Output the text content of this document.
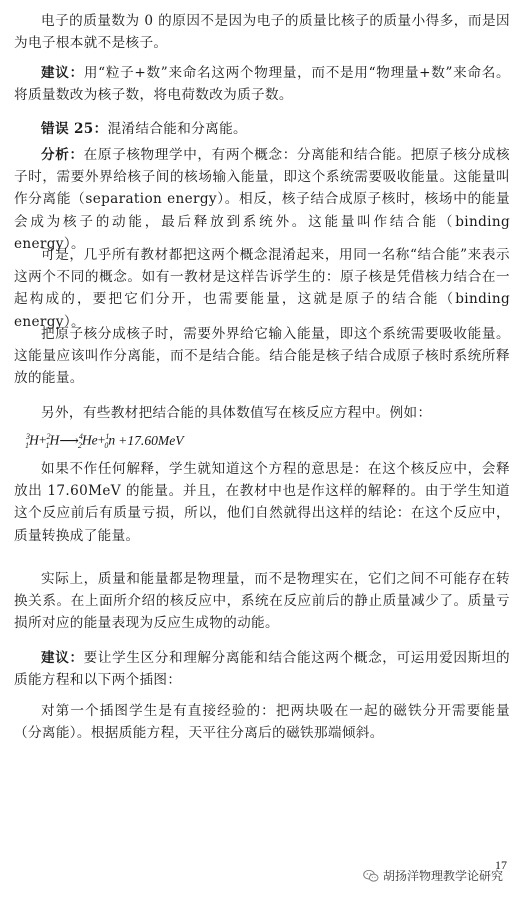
电子的质量数为 0 的原因不是因为电子的质量比核子的质量小得多，而是因为电子根本就不是核子。

建议：用“粒子+数”来命名这两个物理量，而不是用“物理量+数”来命名。将质量数改为核子数，将电荷数改为质子数。

错误 25：混淆结合能和分离能。

分析：在原子核物理学中，有两个概念：分离能和结合能。把原子核分成核子时，需要外界给核子间的核场输入能量，即这个系统需要吸收能量。这能量叫作分离能（separation energy）。相反，核子结合成原子核时，核场中的能量会成为核子的动能，最后释放到系统外。这能量叫作结合能（binding energy）。

可是，几乎所有教材都把这两个概念混淆起来，用同一名称“结合能”来表示这两个不同的概念。如有一教材是这样告诉学生的：原子核是凭借核力结合在一起构成的，要把它们分开，也需要能量，这就是原子的结合能（binding energy）。

把原子核分成核子时，需要外界给它输入能量，即这个系统需要吸收能量。这能量应该叫作分离能，而不是结合能。结合能是核子结合成原子核时系统所释放的能量。

另外，有些教材把结合能的具体数值写在核反应方程中。例如：

$^3_1$H+$^2_1$H⟶$^4_2$He+$^1_0$n +17.60MeV

如果不作任何解释，学生就知道这个方程的意思是：在这个核反应中，会释放出 17.60MeV 的能量。并且，在教材中也是作这样的解释的。由于学生知道这个反应前后有质量亏损，所以，他们自然就得出这样的结论：在这个反应中，质量转换成了能量。

实际上，质量和能量都是物理量，而不是物理实在，它们之间不可能存在转换关系。在上面所介绍的核反应中，系统在反应前后的静止质量减少了。质量亏损所对应的能量表现为反应生成物的动能。

建议：要让学生区分和理解分离能和结合能这两个概念，可运用爱因斯坦的质能方程和以下两个插图：

对第一个插图学生是有直接经验的：把两块吸在一起的磁铁分开需要能量（分离能）。根据质能方程，天平往分离后的磁铁那端倾斜。

17
胡扬洋物理教学论研究
